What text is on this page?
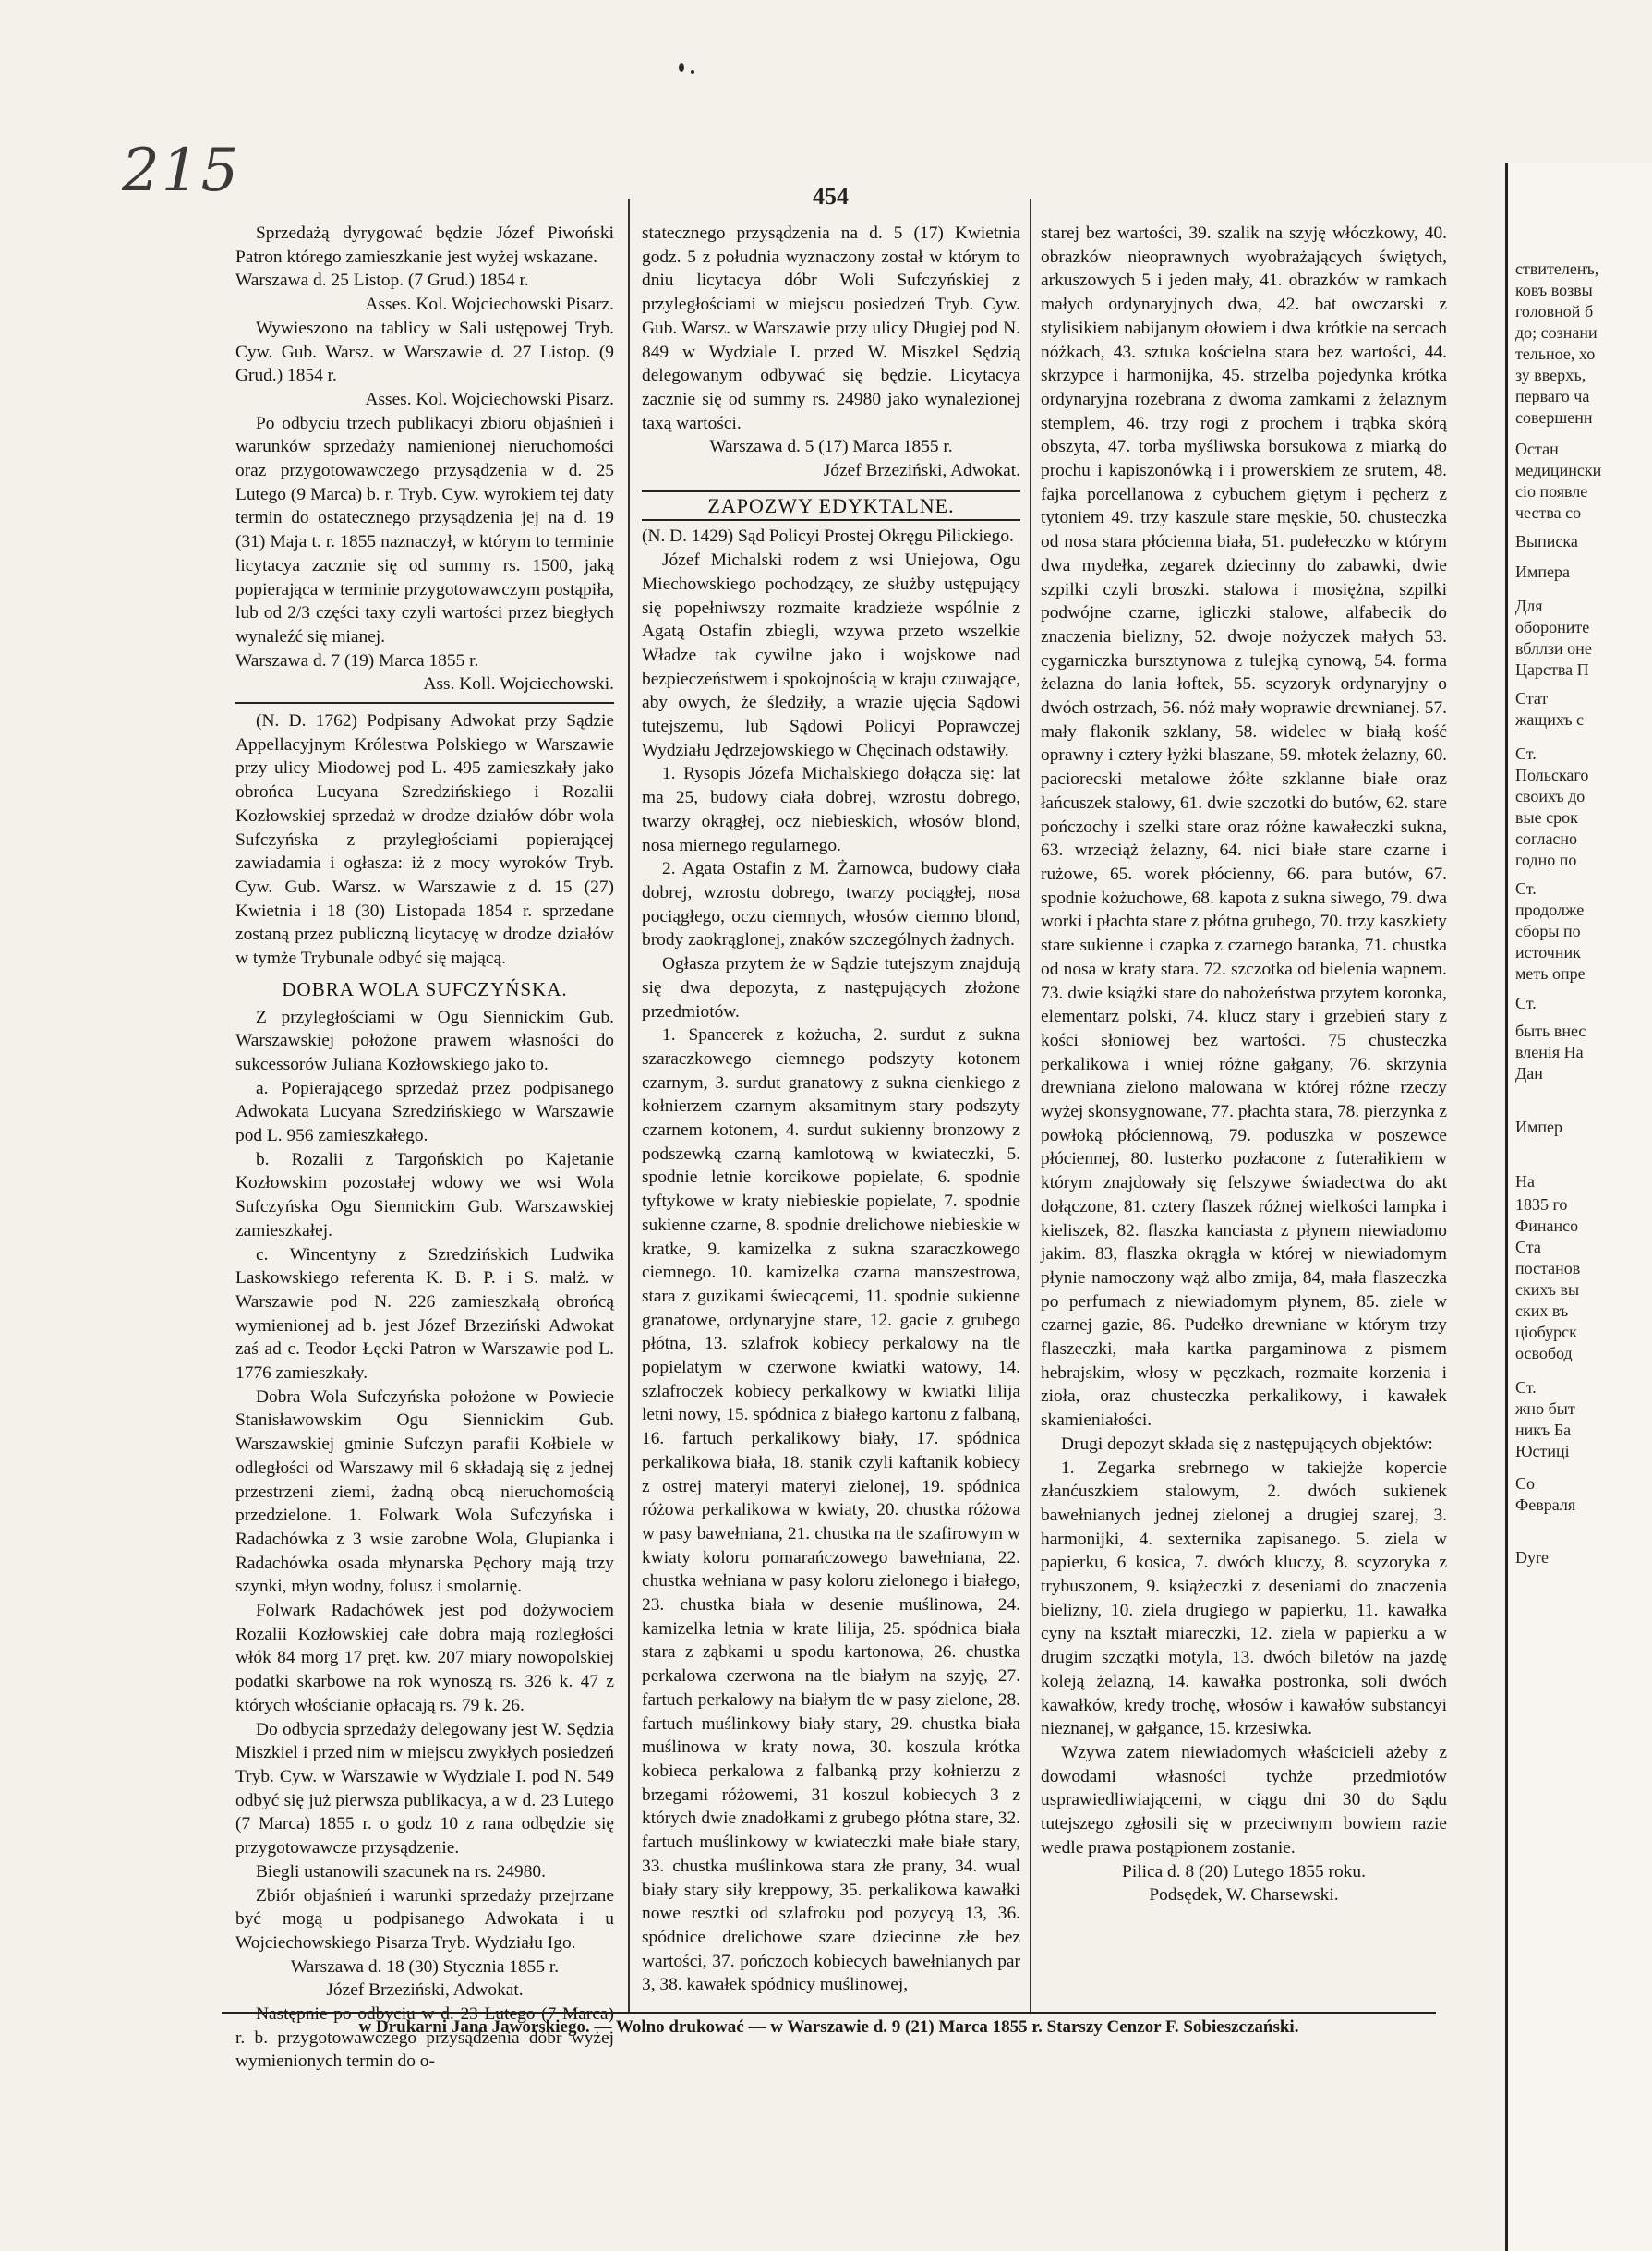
215	454

Sprzedażą dyrygować będzie Józef Piwoński Patron którego zamieszkanie jest wyżej wskazane.

Warszawa d. 25 Listop. (7 Grud.) 1854 r.

Asses. Kol. Wojciechowski Pisarz.

Wywieszono na tablicy w Sali ustępowej Tryb. Cyw. Gub. Warsz. w Warszawie d. 27 Listop. (9 Grud.) 1854 r.

Asses. Kol. Wojciechowski Pisarz.

Po odbyciu trzech publikacyi zbioru objaśnień i warunków sprzedaży namienionej nieruchomości oraz przygotowawczego przysądzenia w d. 25 Lutego (9 Marca) b. r. Tryb. Cyw. wyrokiem tej daty termin do ostatecznego przysądzenia jej na d. 19 (31) Maja t. r. 1855 naznaczył, w którym to terminie licytacya zacznie się od summy rs. 1500, jaką popierająca w terminie przygotowawczym postąpiła, lub od 2/3 części taxy czyli wartości przez biegłych wynaleźć się mianej.

Warszawa d. 7 (19) Marca 1855 r.

Ass. Koll. Wojciechowski.

(N. D. 1762) Podpisany Adwokat przy Sądzie Appellacyjnym Królestwa Polskiego w Warszawie przy ulicy Miodowej pod L. 495 zamieszkały jako obrońca Lucyana Szredzińskiego i Rozalii Kozłowskiej sprzedaż w drodze działów dóbr wola Sufczyńska z przyległościami popierającej zawiadamia i ogłasza: iż z mocy wyroków Tryb. Cyw. Gub. Warsz. w Warszawie z d. 15 (27) Kwietnia i 18 (30) Listopada 1854 r. sprzedane zostaną przez publiczną licytacyę w drodze działów w tymże Trybunale odbyć się mającą.

DOBRA WOLA SUFCZYŃSKA.

Z przyległościami w Ogu Siennickim Gub. Warszawskiej położone prawem własności do sukcessorów Juliana Kozłowskiego jako to.

a. Popierającego sprzedaż przez podpisanego Adwokata Lucyana Szredzińskiego w Warszawie pod L. 956 zamieszkałego.

b. Rozalii z Targońskich po Kajetanie Kozłowskim pozostałej wdowy we wsi Wola Sufczyńska Ogu Siennickim Gub. Warszawskiej zamieszkałej.

c. Wincentyny z Szredzińskich Ludwika Laskowskiego referenta K. B. P. i S. małż. w Warszawie pod N. 226 zamieszkałą obrońcą wymienionej ad b. jest Józef Brzeziński Adwokat zaś ad c. Teodor Łęcki Patron w Warszawie pod L. 1776 zamieszkały.

Dobra Wola Sufczyńska położone w Powiecie Stanisławowskim Ogu Siennickim Gub. Warszawskiej gminie Sufczyn parafii Kołbiele w odległości od Warszawy mil 6 składają się z jednej przestrzeni ziemi, żadną obcą nieruchomością przedzielone. 1. Folwark Wola Sufczyńska i Radachówka z 3 wsie zarobne Wola, Glupianka i Radachówka osada młynarska Pęchory mają trzy szynki, młyn wodny, folusz i smolarnię.

Folwark Radachówek jest pod dożywociem Rozalii Kozłowskiej całe dobra mają rozległości włók 84 morg 17 pręt. kw. 207 miary nowopolskiej podatki skarbowe na rok wynoszą rs. 326 k. 47 z których włościanie opłacają rs. 79 k. 26.

Do odbycia sprzedaży delegowany jest W. Sędzia Miszkiel i przed nim w miejscu zwykłych posiedzeń Tryb. Cyw. w Warszawie w Wydziale I. pod N. 549 odbyć się już pierwsza publikacya, a w d. 23 Lutego (7 Marca) 1855 r. o godz 10 z rana odbędzie się przygotowawcze przysądzenie.

Biegli ustanowili szacunek na rs. 24980.

Zbiór objaśnień i warunki sprzedaży przejrzane być mogą u podpisanego Adwokata i u Wojciechowskiego Pisarza Tryb. Wydziału Igo.

Warszawa d. 18 (30) Stycznia 1855 r.

Józef Brzeziński, Adwokat.

Następnie po odbyciu w d. 23 Lutego (7 Marca) r. b. przygotowawczego przysądzenia dóbr wyżej wymienionych termin do o-

statecznego przysądzenia na d. 5 (17) Kwietnia godz. 5 z południa wyznaczony został w którym to dniu licytacya dóbr Woli Sufczyńskiej z przyległościami w miejscu posiedzeń Tryb. Cyw. Gub. Warsz. w Warszawie przy ulicy Długiej pod N. 849 w Wydziale I. przed W. Miszkel Sędzią delegowanym odbywać się będzie. Licytacya zacznie się od summy rs. 24980 jako wynalezionej taxą wartości.

Warszawa d. 5 (17) Marca 1855 r.

Józef Brzeziński, Adwokat.

ZAPOZWY EDYKTALNE.

(N. D. 1429) Sąd Policyi Prostej Okręgu Pilickiego.

Józef Michalski rodem z wsi Uniejowa, Ogu Miechowskiego pochodzący, ze służby ustępujący się popełniwszy rozmaite kradzieże wspólnie z Agatą Ostafin zbiegli, wzywa przeto wszelkie Władze tak cywilne jako i wojskowe nad bezpieczeństwem i spokojnością w kraju czuwające, aby owych, że śledziły, a wrazie ujęcia Sądowi tutejszemu, lub Sądowi Policyi Poprawczej Wydziału Jędrzejowskiego w Chęcinach odstawiły.

1. Rysopis Józefa Michalskiego dołącza się: lat ma 25, budowy ciała dobrej, wzrostu dobrego, twarzy okrągłej, ocz niebieskich, włosów blond, nosa miernego regularnego.

2. Agata Ostafin z M. Żarnowca, budowy ciała dobrej, wzrostu dobrego, twarzy pociągłej, nosa pociągłego, oczu ciemnych, włosów ciemno blond, brody zaokrąglonej, znaków szczególnych żadnych.

Ogłasza przytem że w Sądzie tutejszym znajdują się dwa depozyta, z następujących złożone przedmiotów.

1. Spancerek z kożucha, 2. surdut z sukna szaraczkowego ciemnego podszyty kotonem czarnym, 3. surdut granatowy z sukna cienkiego z kołnierzem czarnym aksamitnym stary podszyty czarnem kotonem, 4. surdut sukienny bronzowy z podszewką czarną kamlotową w kwiateczki, 5. spodnie letnie korcikowe popielate, 6. spodnie tyftykowe w kraty niebieskie popielate, 7. spodnie sukienne czarne, 8. spodnie drelichowe niebieskie w kratke, 9. kamizelka z sukna szaraczkowego ciemnego. 10. kamizelka czarna manszestrowa, stara z guzikami świecącemi, 11. spodnie sukienne granatowe, ordynaryjne stare, 12. gacie z grubego płótna, 13. szlafrok kobiecy perkalowy na tle popielatym w czerwone kwiatki watowy, 14. szlafroczek kobiecy perkalkowy w kwiatki lilija letni nowy, 15. spódnica z białego kartonu z falbaną, 16. fartuch perkalikowy biały, 17. spódnica perkalikowa biała, 18. stanik czyli kaftanik kobiecy z ostrej materyi materyi zielonej, 19. spódnica różowa perkalikowa w kwiaty, 20. chustka różowa w pasy bawełniana, 21. chustka na tle szafirowym w kwiaty koloru pomarańczowego bawełniana, 22. chustka wełniana w pasy koloru zielonego i białego, 23. chustka biała w desenie muślinowa, 24. kamizelka letnia w krate lilija, 25. spódnica biała stara z ząbkami u spodu kartonowa, 26. chustka perkalowa czerwona na tle białym na szyję, 27. fartuch perkalowy na białym tle w pasy zielone, 28. fartuch muślinkowy biały stary, 29. chustka biała muślinowa w kraty nowa, 30. koszula krótka kobieca perkalowa z falbanką przy kołnierzu z brzegami różowemi, 31 koszul kobiecych 3 z których dwie znadołkami z grubego płótna stare, 32. fartuch muślinkowy w kwiateczki małe białe stary, 33. chustka muślinkowa stara złe prany, 34. wual biały stary siły kreppowy, 35. perkalikowa kawałki nowe resztki od szlafroku pod pozycyą 13, 36. spódnice drelichowe szare dziecinne złe bez wartości, 37. pończoch kobiecych bawełnianych par 3, 38. kawałek spódnicy muślinowej,

starej bez wartości, 39. szalik na szyję włóczkowy, 40. obrazków nieoprawnych wyobrażających świętych, arkuszowych 5 i jeden mały, 41. obrazków w ramkach małych ordynaryjnych dwa, 42. bat owczarski z stylisikiem nabijanym ołowiem i dwa krótkie na sercach nóżkach, 43. sztuka kościelna stara bez wartości, 44. skrzypce i harmonijka, 45. strzelba pojedynka krótka ordynaryjna rozebrana z dwoma zamkami z żelaznym stemplem, 46. trzy rogi z prochem i trąbka skórą obszyta, 47. torba myśliwska borsukowa z miarką do prochu i kapiszonówką i i prowerskiem ze srutem, 48. fajka porcellanowa z cybuchem giętym i pęcherz z tytoniem 49. trzy kaszule stare męskie, 50. chusteczka od nosa stara płócienna biała, 51. pudełeczko w którym dwa mydełka, zegarek dziecinny do zabawki, dwie szpilki czyli broszki. stalowa i mosiężna, szpilki podwójne czarne, igliczki stalowe, alfabecik do znaczenia bielizny, 52. dwoje nożyczek małych 53. cygarniczka bursztynowa z tulejką cynową, 54. forma żelazna do lania łoftek, 55. scyzoryk ordynaryjny o dwóch ostrzach, 56. nóż mały woprawie drewnianej. 57. mały flakonik szklany, 58. widelec w białą kość oprawny i cztery łyżki blaszane, 59. młotek żelazny, 60. paciorecski metalowe żółte szklanne białe oraz łańcuszek stalowy, 61. dwie szczotki do butów, 62. stare pończochy i szelki stare oraz różne kawałeczki sukna, 63. wrzeciąż żelazny, 64. nici białe stare czarne i rużowe, 65. worek płócienny, 66. para butów, 67. spodnie kożuchowe, 68. kapota z sukna siwego, 79. dwa worki i płachta stare z płótna grubego, 70. trzy kaszkiety stare sukienne i czapka z czarnego baranka, 71. chustka od nosa w kraty stara. 72. szczotka od bielenia wapnem. 73. dwie książki stare do nabożeństwa przytem koronka, elementarz polski, 74. klucz stary i grzebień stary z kości słoniowej bez wartości. 75 chusteczka perkalikowa i wniej różne gałgany, 76. skrzynia drewniana zielono malowana w której różne rzeczy wyżej skonsygnowane, 77. płachta stara, 78. pierzynka z powłoką płóciennową, 79. poduszka w poszewce płóciennej, 80. lusterko pozłacone z futerałikiem w którym znajdowały się felszywe świadectwa do akt dołączone, 81. cztery flaszek różnej wielkości lampka i kieliszek, 82. flaszka kanciasta z płynem niewiadomo jakim. 83, flaszka okrągła w której w niewiadomym płynie namoczony wąż albo zmija, 84, mała flaszeczka po perfumach z niewiadomym płynem, 85. ziele w czarnej gazie, 86. Pudełko drewniane w którym trzy flaszeczki, mała kartka pargaminowa z pismem hebrajskim, włosy w pęczkach, rozmaite korzenia i zioła, oraz chusteczka perkalikowy, i kawałek skamieniałości.

Drugi depozyt składa się z następujących objektów:

1. Zegarka srebrnego w takiejże kopercie złanćuszkiem stalowym, 2. dwóch sukienek bawełnianych jednej zielonej a drugiej szarej, 3. harmonijki, 4. sexternika zapisanego. 5. ziela w papierku, 6 kosica, 7. dwóch kluczy, 8. scyzoryka z trybuszonem, 9. książeczki z deseniami do znaczenia bielizny, 10. ziela drugiego w papierku, 11. kawałka cyny na kształt miareczki, 12. ziela w papierku a w drugim szczątki motyla, 13. dwóch biletów na jazdę koleją żelazną, 14. kawałka postronka, soli dwóch kawałków, kredy trochę, włosów i kawałów substancyi nieznanej, w gałgance, 15. krzesiwka.

Wzywa zatem niewiadomych właścicieli ażeby z dowodami własności tychże przedmiotów usprawiedliwiającemi, w ciągu dni 30 do Sądu tutejszego zgłosili się w przeciwnym bowiem razie wedle prawa postąpionem zostanie.

Pilica d. 8 (20) Lutego 1855 roku.

Podsędek, W. Charsewski.

w Drukarni Jana Jaworskiego. — Wolno drukować — w Warszawie d. 9 (21) Marca 1855 r. Starszy Cenzor F. Sobieszczański.
ствителенъ,
ковъ возвы
головной б
до; сознани
тельное, хо
зу вверхъ,
перваго ча
совершенн
Остан
медицински
сіо появле
чества со
Выписка
Импера
Для
обороните
вбллзи оне
Царства П
Стат
жащихъ с
Ст.
Польскаго
своихъ до
вые срок
согласно
годно по
Ст.
продолже
сборы по
источник
меть опре
Ст.
быть внес
вленія На
Дан
Импер
На
1835 го
Финансо
Ста
постанов
скихъ вы
ских въ
ціобурск
освобод
Ст.
жно быт
никъ Ба
Юстиці
Со
Февраля
Dyre
